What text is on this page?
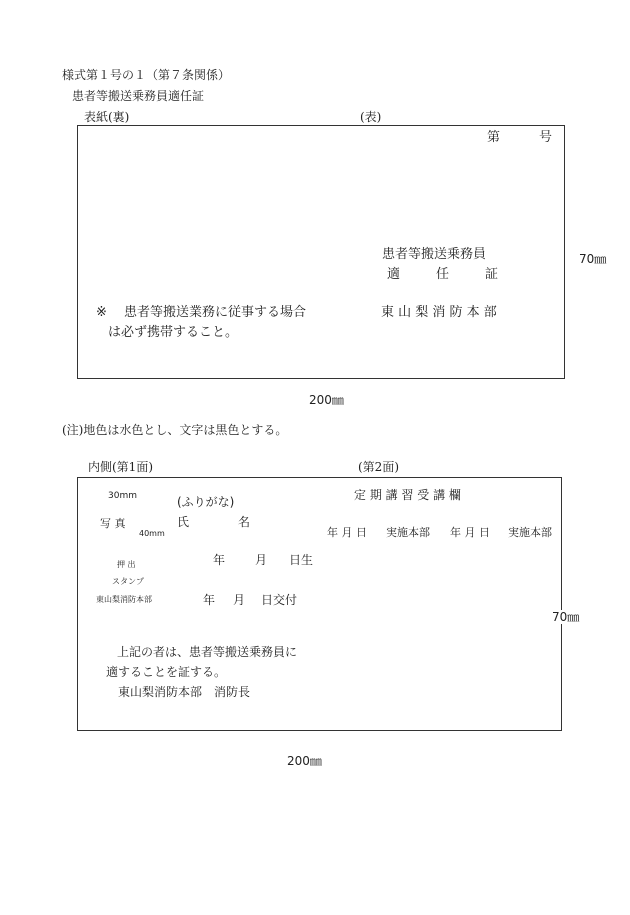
様式第１号の１（第７条関係）
患者等搬送乗務員適任証
表紙(裏)	(表)
第	号
患者等搬送乗務員
適	任	証
東 山 梨 消 防 本 部
※ 患者等搬送業務に従事する場合
は必ず携帯すること。
70㎜
200㎜
(注)地色は水色とし、文字は黒色とする。
内側(第1面)	(第2面)
30mm
写 真
40mm
(ふりがな)
氏	名
年 月 日生
押 出
スタンプ
東山梨消防本部	年 月 日交付
上記の者は、患者等搬送乗務員に
適することを証する。
東山梨消防本部　消防長
定 期 講 習 受 講 欄
年 月 日 実施本部 年 月 日 実施本部
70㎜
200㎜
